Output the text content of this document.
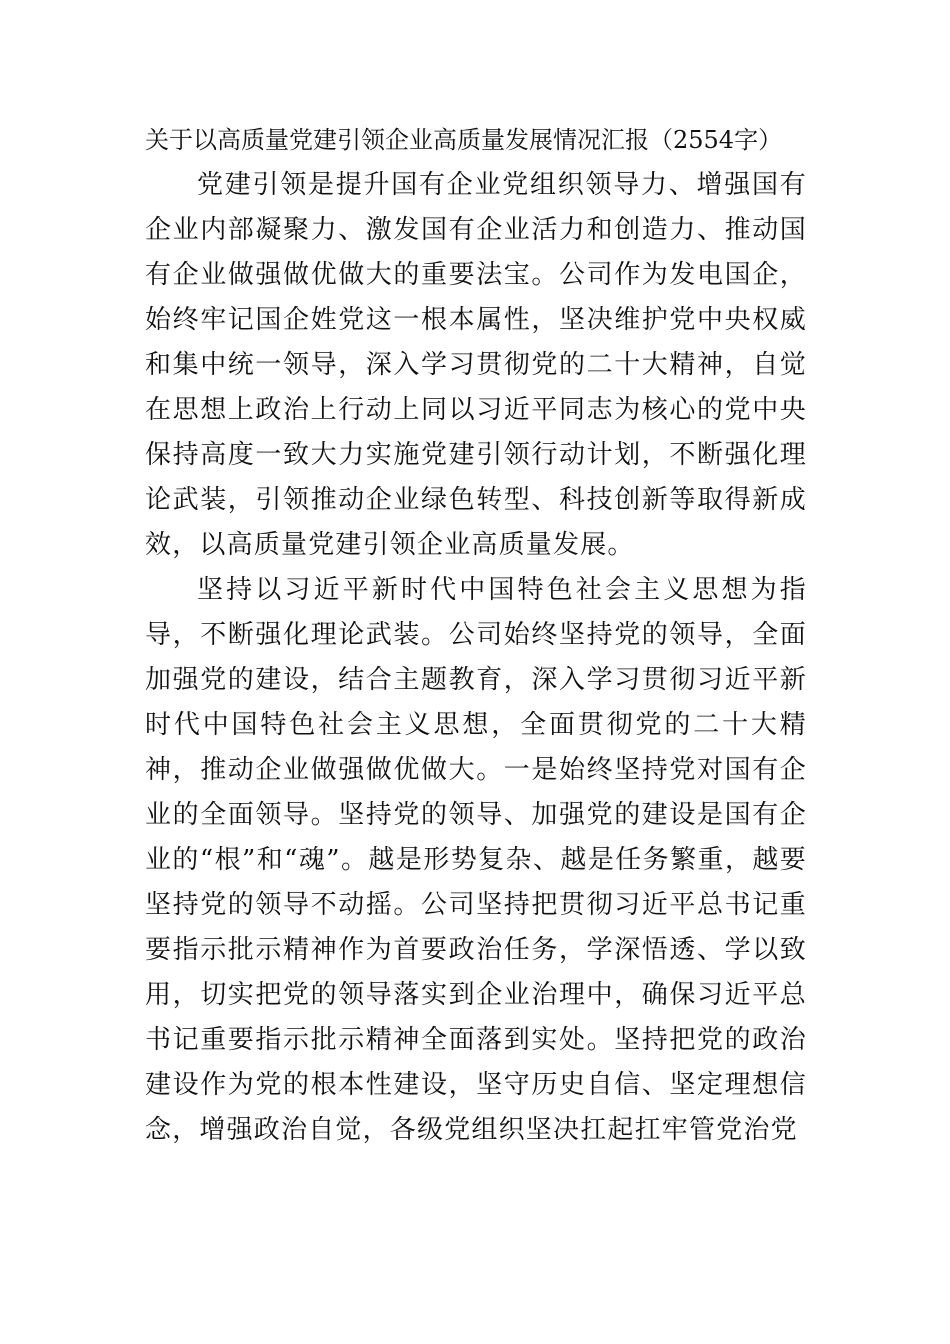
关于以高质量党建引领企业高质量发展情况汇报（2554字）

党建引领是提升国有企业党组织领导力、增强国有企业内部凝聚力、激发国有企业活力和创造力、推动国有企业做强做优做大的重要法宝。公司作为发电国企，始终牢记国企姓党这一根本属性，坚决维护党中央权威和集中统一领导，深入学习贯彻党的二十大精神，自觉在思想上政治上行动上同以习近平同志为核心的党中央保持高度一致大力实施党建引领行动计划，不断强化理论武装，引领推动企业绿色转型、科技创新等取得新成效，以高质量党建引领企业高质量发展。

坚持以习近平新时代中国特色社会主义思想为指导，不断强化理论武装。公司始终坚持党的领导，全面加强党的建设，结合主题教育，深入学习贯彻习近平新时代中国特色社会主义思想，全面贯彻党的二十大精神，推动企业做强做优做大。一是始终坚持党对国有企业的全面领导。坚持党的领导、加强党的建设是国有企业的“根”和“魂”。越是形势复杂、越是任务繁重，越要坚持党的领导不动摇。公司坚持把贯彻习近平总书记重要指示批示精神作为首要政治任务，学深悟透、学以致用，切实把党的领导落实到企业治理中，确保习近平总书记重要指示批示精神全面落到实处。坚持把党的政治建设作为党的根本性建设，坚守历史自信、坚定理想信念，增强政治自觉，各级党组织坚决扛起扛牢管党治党
